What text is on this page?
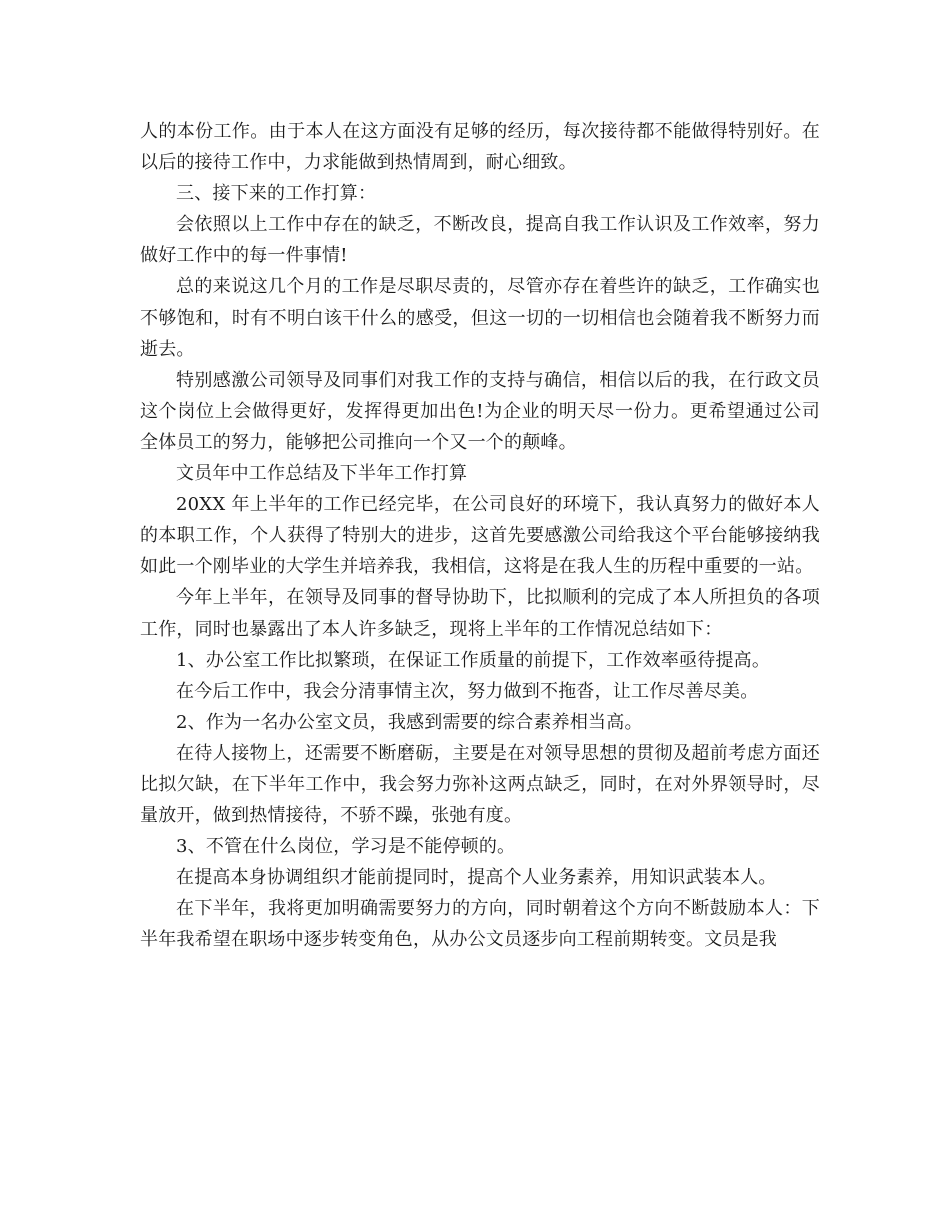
人的本份工作。由于本人在这方面没有足够的经历，每次接待都不能做得特别好。在以后的接待工作中，力求能做到热情周到，耐心细致。

三、接下来的工作打算：

会依照以上工作中存在的缺乏，不断改良，提高自我工作认识及工作效率，努力做好工作中的每一件事情!

总的来说这几个月的工作是尽职尽责的，尽管亦存在着些许的缺乏，工作确实也不够饱和，时有不明白该干什么的感受，但这一切的一切相信也会随着我不断努力而逝去。

特别感激公司领导及同事们对我工作的支持与确信，相信以后的我，在行政文员这个岗位上会做得更好，发挥得更加出色!为企业的明天尽一份力。更希望通过公司全体员工的努力，能够把公司推向一个又一个的颠峰。

文员年中工作总结及下半年工作打算

20XX 年上半年的工作已经完毕，在公司良好的环境下，我认真努力的做好本人的本职工作，个人获得了特别大的进步，这首先要感激公司给我这个平台能够接纳我如此一个刚毕业的大学生并培养我，我相信，这将是在我人生的历程中重要的一站。

今年上半年，在领导及同事的督导协助下，比拟顺利的完成了本人所担负的各项工作，同时也暴露出了本人许多缺乏，现将上半年的工作情况总结如下：

1、办公室工作比拟繁琐，在保证工作质量的前提下，工作效率亟待提高。

在今后工作中，我会分清事情主次，努力做到不拖沓，让工作尽善尽美。

2、作为一名办公室文员，我感到需要的综合素养相当高。

在待人接物上，还需要不断磨砺，主要是在对领导思想的贯彻及超前考虑方面还比拟欠缺，在下半年工作中，我会努力弥补这两点缺乏，同时，在对外界领导时，尽量放开，做到热情接待，不骄不躁，张弛有度。

3、不管在什么岗位，学习是不能停顿的。

在提高本身协调组织才能前提同时，提高个人业务素养，用知识武装本人。

在下半年，我将更加明确需要努力的方向，同时朝着这个方向不断鼓励本人：下半年我希望在职场中逐步转变角色，从办公文员逐步向工程前期转变。文员是我
